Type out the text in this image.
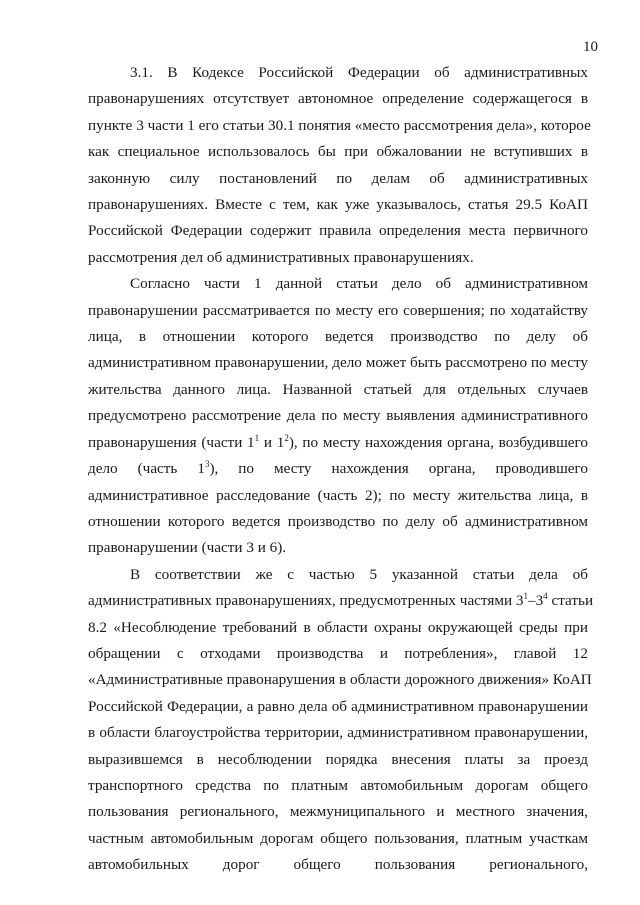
10
3.1. В Кодексе Российской Федерации об административных
правонарушениях отсутствует автономное определение содержащегося в
пункте 3 части 1 его статьи 30.1 понятия «место рассмотрения дела», которое
как специальное использовалось бы при обжаловании не вступивших в
законную силу постановлений по делам об административных
правонарушениях. Вместе с тем, как уже указывалось, статья 29.5 КоАП
Российской Федерации содержит правила определения места первичного
рассмотрения дел об административных правонарушениях.
Согласно части 1 данной статьи дело об административном
правонарушении рассматривается по месту его совершения; по ходатайству
лица, в отношении которого ведется производство по делу об
административном правонарушении, дело может быть рассмотрено по месту
жительства данного лица. Названной статьей для отдельных случаев
предусмотрено рассмотрение дела по месту выявления административного
правонарушения (части $1^1$ и $1^2$), по месту нахождения органа, возбудившего
дело (часть $1^3$), по месту нахождения органа, проводившего
административное расследование (часть 2); по месту жительства лица, в
отношении которого ведется производство по делу об административном
правонарушении (части 3 и 6).
В соответствии же с частью 5 указанной статьи дела об
административных правонарушениях, предусмотренных частями $3^1-3^4$ статьи
8.2 «Несоблюдение требований в области охраны окружающей среды при
обращении с отходами производства и потребления», главой 12
«Административные правонарушения в области дорожного движения» КоАП
Российской Федерации, а равно дела об административном правонарушении
в области благоустройства территории, административном правонарушении,
выразившемся в несоблюдении порядка внесения платы за проезд
транспортного средства по платным автомобильным дорогам общего
пользования регионального, межмуниципального и местного значения,
частным автомобильным дорогам общего пользования, платным участкам
автомобильных дорог общего пользования регионального,
